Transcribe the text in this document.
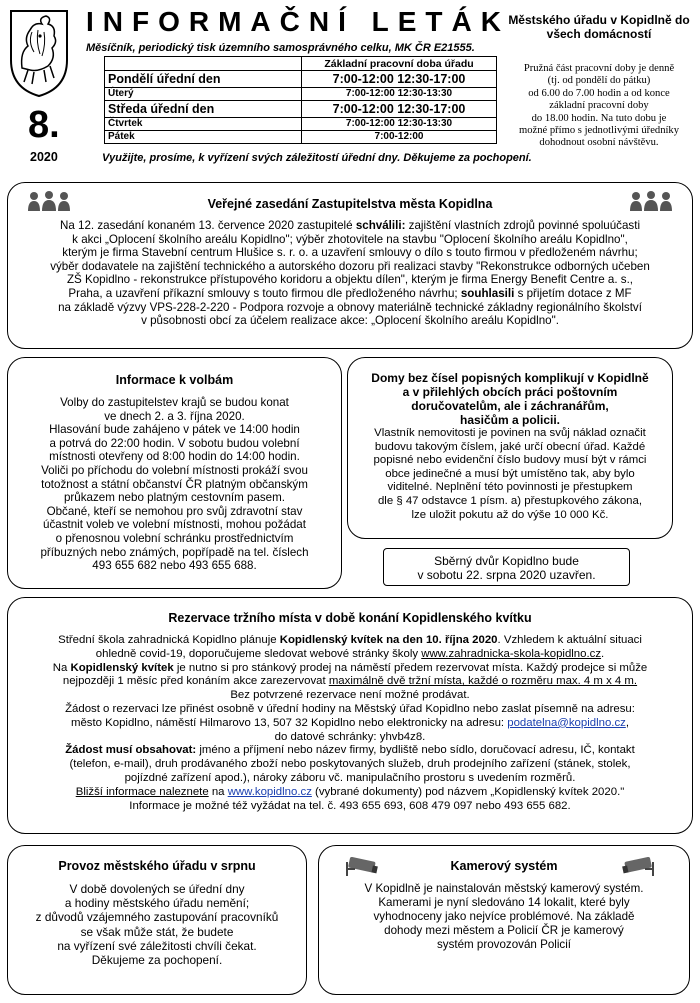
INFORMAČNÍ LETÁK
Měsíčník, periodický tisk územního samosprávného celku, MK ČR E21555.
Městského úřadu v Kopidlně do všech domácností
8.
2020
	Základní pracovní doba úřadu
Pondělí úřední den	7:00-12:00 12:30-17:00
Úterý	7:00-12:00 12:30-13:30
Středa úřední den	7:00-12:00 12:30-17:00
Čtvrtek	7:00-12:00 12:30-13:30
Pátek	7:00-12:00
Pružná část pracovní doby je denně
(tj. od pondělí do pátku)
od 6.00 do 7.00 hodin a od konce
základní pracovní doby
do 18.00 hodin. Na tuto dobu je
možné přímo s jednotlivými úředníky
dohodnout osobní návštěvu.
Využijte, prosíme, k vyřízení svých záležitostí úřední dny. Děkujeme za pochopení.
Veřejné zasedání Zastupitelstva města Kopidlna
Na 12. zasedání konaném 13. července 2020 zastupitelé schválili: zajištění vlastních zdrojů povinné spoluúčasti
k akci „Oplocení školního areálu Kopidlno"; výběr zhotovitele na stavbu "Oplocení školního areálu Kopidlno",
kterým je firma Stavební centrum Hlušice s. r. o. a uzavření smlouvy o dílo s touto firmou v předloženém návrhu;
výběr dodavatele na zajištění technického a autorského dozoru při realizaci stavby "Rekonstrukce odborných učeben
ZŠ Kopidlno - rekonstrukce přístupového koridoru a objektu dílen", kterým je firma Energy Benefit Centre a. s.,
Praha, a uzavření příkazní smlouvy s touto firmou dle předloženého návrhu; souhlasili s přijetím dotace z MF
na základě výzvy VPS-228-2-220 - Podpora rozvoje a obnovy materiálně technické základny regionálního školství
v působnosti obcí za účelem realizace akce: „Oplocení školního areálu Kopidlno".
Informace k volbám
Volby do zastupitelstev krajů se budou konat
ve dnech 2. a 3. října 2020.
Hlasování bude zahájeno v pátek ve 14:00 hodin
a potrvá do 22:00 hodin. V sobotu budou volební
místnosti otevřeny od 8:00 hodin do 14:00 hodin.
Voliči po příchodu do volební místnosti prokáží svou
totožnost a státní občanství ČR platným občanským
průkazem nebo platným cestovním pasem.
Občané, kteří se nemohou pro svůj zdravotní stav
účastnit voleb ve volební místnosti, mohou požádat
o přenosnou volební schránku prostřednictvím
příbuzných nebo známých, popřípadě na tel. číslech
493 655 682 nebo 493 655 688.
Domy bez čísel popisných komplikují v Kopidlně
a v přilehlých obcích práci poštovním
doručovatelům, ale i záchranářům,
hasičům a policii.
Vlastník nemovitosti je povinen na svůj náklad označit
budovu takovým číslem, jaké určí obecní úřad. Každé
popisné nebo evidenční číslo budovy musí být v rámci
obce jedinečné a musí být umístěno tak, aby bylo
viditelné. Neplnění této povinnosti je přestupkem
dle § 47 odstavce 1 písm. a) přestupkového zákona,
lze uložit pokutu až do výše 10 000 Kč.
Sběrný dvůr Kopidlno bude
v sobotu 22. srpna 2020 uzavřen.
Rezervace tržního místa v době konání Kopidlenského kvítku
Střední škola zahradnická Kopidlno plánuje Kopidlenský kvítek na den 10. října 2020. Vzhledem k aktuální situaci
ohledně covid-19, doporučujeme sledovat webové stránky školy www.zahradnicka-skola-kopidlno.cz.
Na Kopidlenský kvítek je nutno si pro stánkový prodej na náměstí předem rezervovat místa. Každý prodejce si může
nejpozději 1 měsíc před konáním akce zarezervovat maximálně dvě tržní místa, každé o rozměru max. 4 m x 4 m.
Bez potvrzené rezervace není možné prodávat.
Žádost o rezervaci lze přinést osobně v úřední hodiny na Městský úřad Kopidlno nebo zaslat písemně na adresu:
město Kopidlno, náměstí Hilmarovo 13, 507 32 Kopidlno nebo elektronicky na adresu: podatelna@kopidlno.cz,
do datové schránky: yhvb4z8.
Žádost musí obsahovat: jméno a příjmení nebo název firmy, bydliště nebo sídlo, doručovací adresu, IČ, kontakt
(telefon, e-mail), druh prodávaného zboží nebo poskytovaných služeb, druh prodejního zařízení (stánek, stolek,
pojízdné zařízení apod.), nároky záboru vč. manipulačního prostoru s uvedením rozměrů.
Bližší informace naleznete na www.kopidlno.cz (vybrané dokumenty) pod názvem „Kopidlenský kvítek 2020."
Informace je možné též vyžádat na tel. č. 493 655 693, 608 479 097 nebo 493 655 682.
Provoz městského úřadu v srpnu
V době dovolených se úřední dny
a hodiny městského úřadu nemění;
z důvodů vzájemného zastupování pracovníků
se však může stát, že budete
na vyřízení své záležitosti chvíli čekat.
Děkujeme za pochopení.
Kamerový systém
V Kopidlně je nainstalován městský kamerový systém.
Kamerami je nyní sledováno 14 lokalit, které byly
vyhodnoceny jako nejvíce problémové. Na základě
dohody mezi městem a Policií ČR je kamerový
systém provozován Policií
